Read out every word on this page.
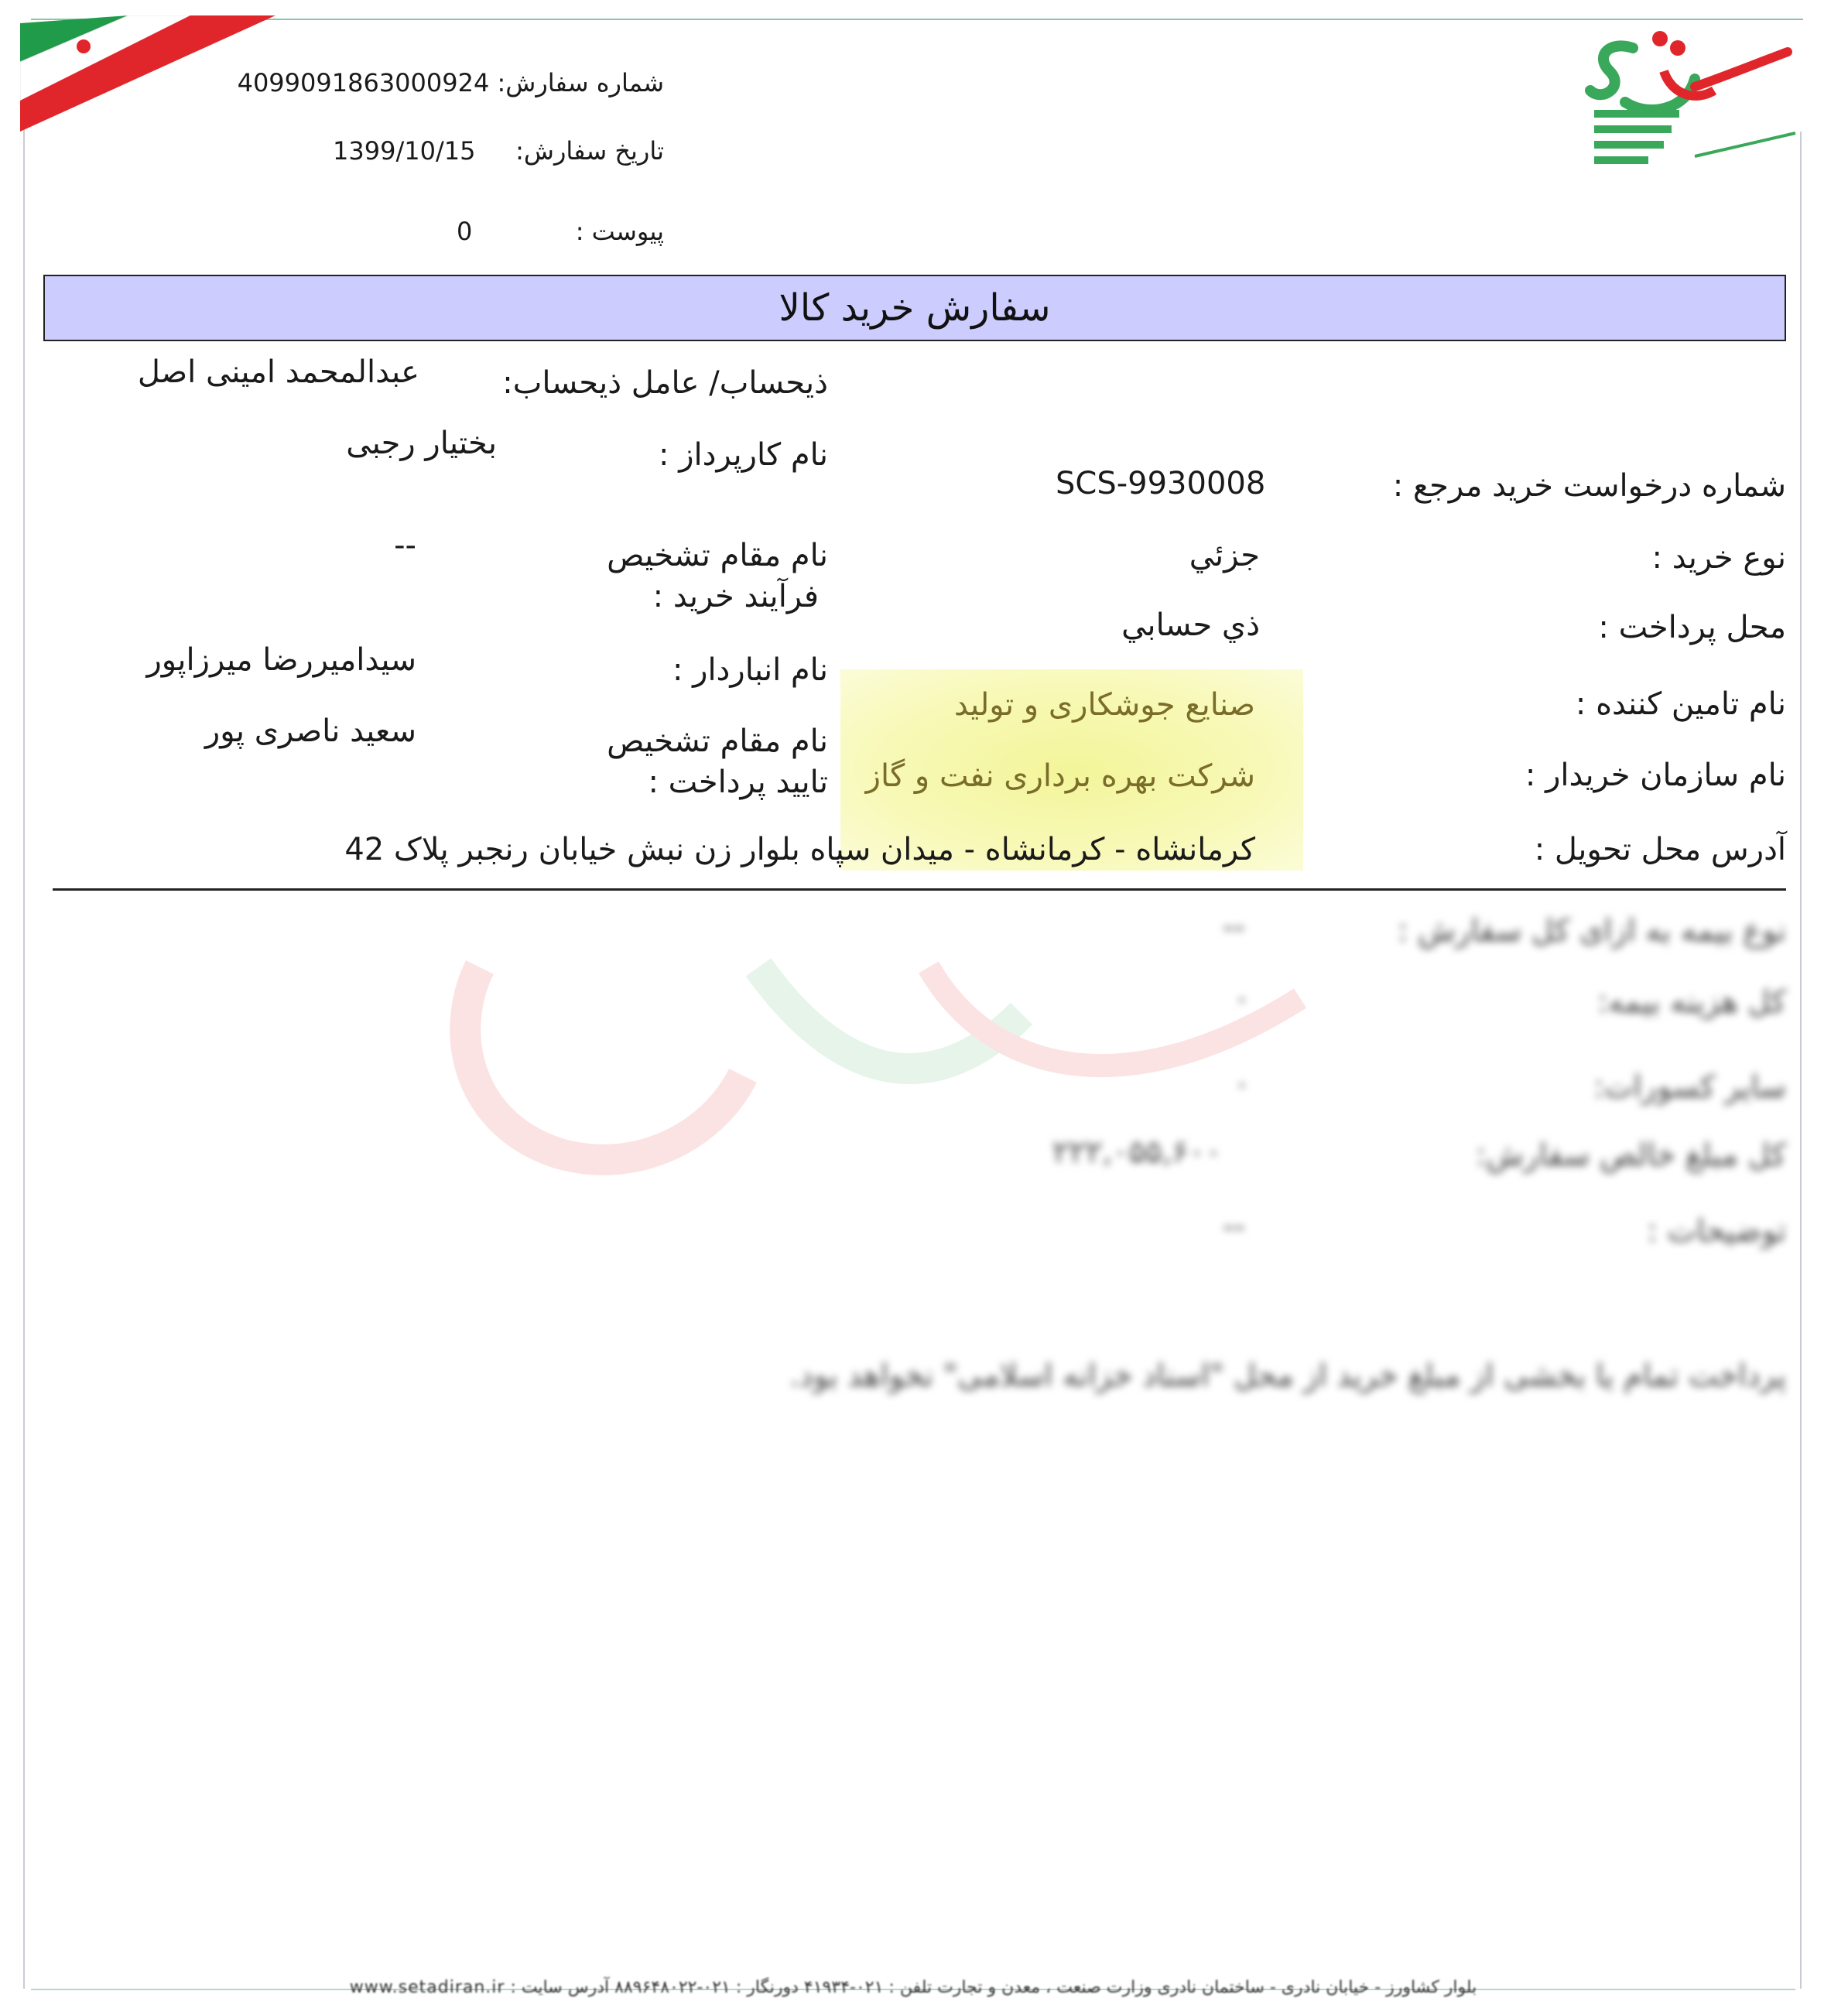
شماره سفارش: 4099091863000924
تاریخ سفارش:
1399/10/15
پیوست :
0
سفارش خرید کالا
ذیحساب/ عامل ذیحساب:
عبدالمحمد امینی اصل
نام کارپرداز :
بختیار رجبی
نام مقام تشخیص
فرآیند خرید :
--
نام انباردار :
سیدامیررضا میرزاپور
نام مقام تشخیص
تایید پرداخت :
سعید ناصری پور
شماره درخواست خرید مرجع :
SCS-9930008
نوع خرید :
جزئي
محل پرداخت :
ذي حسابي
نام تامین کننده :
صنایع جوشکاری و تولید
نام سازمان خریدار :
شرکت بهره برداری نفت و گاز
آدرس محل تحویل :
کرمانشاه - کرمانشاه - میدان سپاه بلوار زن نبش خیابان رنجبر پلاک 42
نوع بیمه به ازای کل سفارش :
--
کل هزینه بیمه:
۰
سایر کسورات:
۰
کل مبلغ خالص سفارش:
۲۲۲,۰۵۵,۶۰۰
توضیحات :
--
پرداخت تمام یا بخشی از مبلغ خرید از محل "اسناد خزانه اسلامی" نخواهد بود.
بلوار کشاورز - خیابان نادری - ساختمان نادری وزارت صنعت ، معدن و تجارت تلفن : ۰۲۱-۴۱۹۳۴ دورنگار : ۰۲۱-۸۸۹۶۴۸۰۲۲ آدرس سایت : www.setadiran.ir
